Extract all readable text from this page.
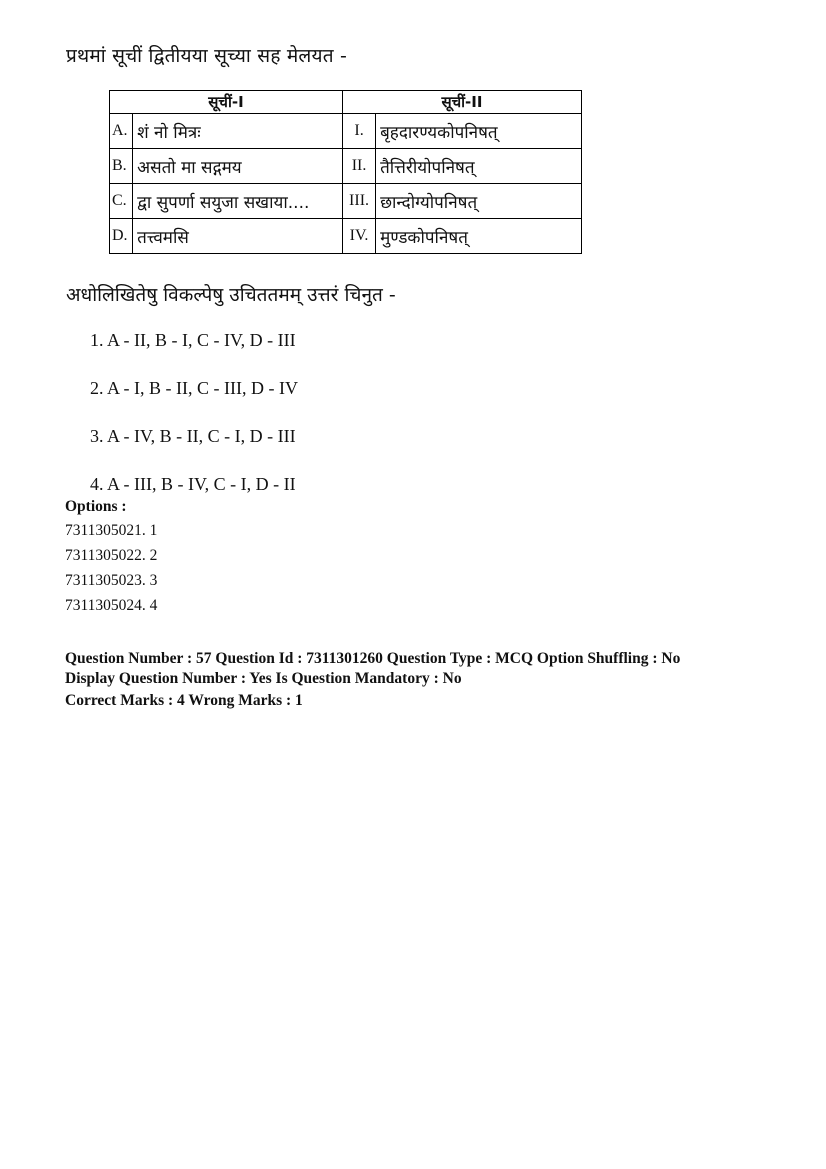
प्रथमां सूचीं द्वितीयया सूच्या सह मेलयत -
सूचीं-I		सूचीं-II	
A.	शं नो मित्रः	I.	बृहदारण्यकोपनिषत्
B.	असतो मा सद्गमय	II.	तैत्तिरीयोपनिषत्
C.	द्वा सुपर्णा सयुजा सखाया....	III.	छान्दोग्योपनिषत्
D.	तत्त्वमसि	IV.	मुण्डकोपनिषत्
अधोलिखितेषु विकल्पेषु उचिततमम् उत्तरं चिनुत -
1. A - II, B - I, C - IV, D - III
2. A - I, B - II, C - III, D - IV
3. A - IV, B - II, C - I, D - III
4. A - III, B - IV, C - I, D - II
Options :
7311305021. 1
7311305022. 2
7311305023. 3
7311305024. 4
Question Number : 57 Question Id : 7311301260 Question Type : MCQ Option Shuffling : No
Display Question Number : Yes Is Question Mandatory : No
Correct Marks : 4 Wrong Marks : 1
